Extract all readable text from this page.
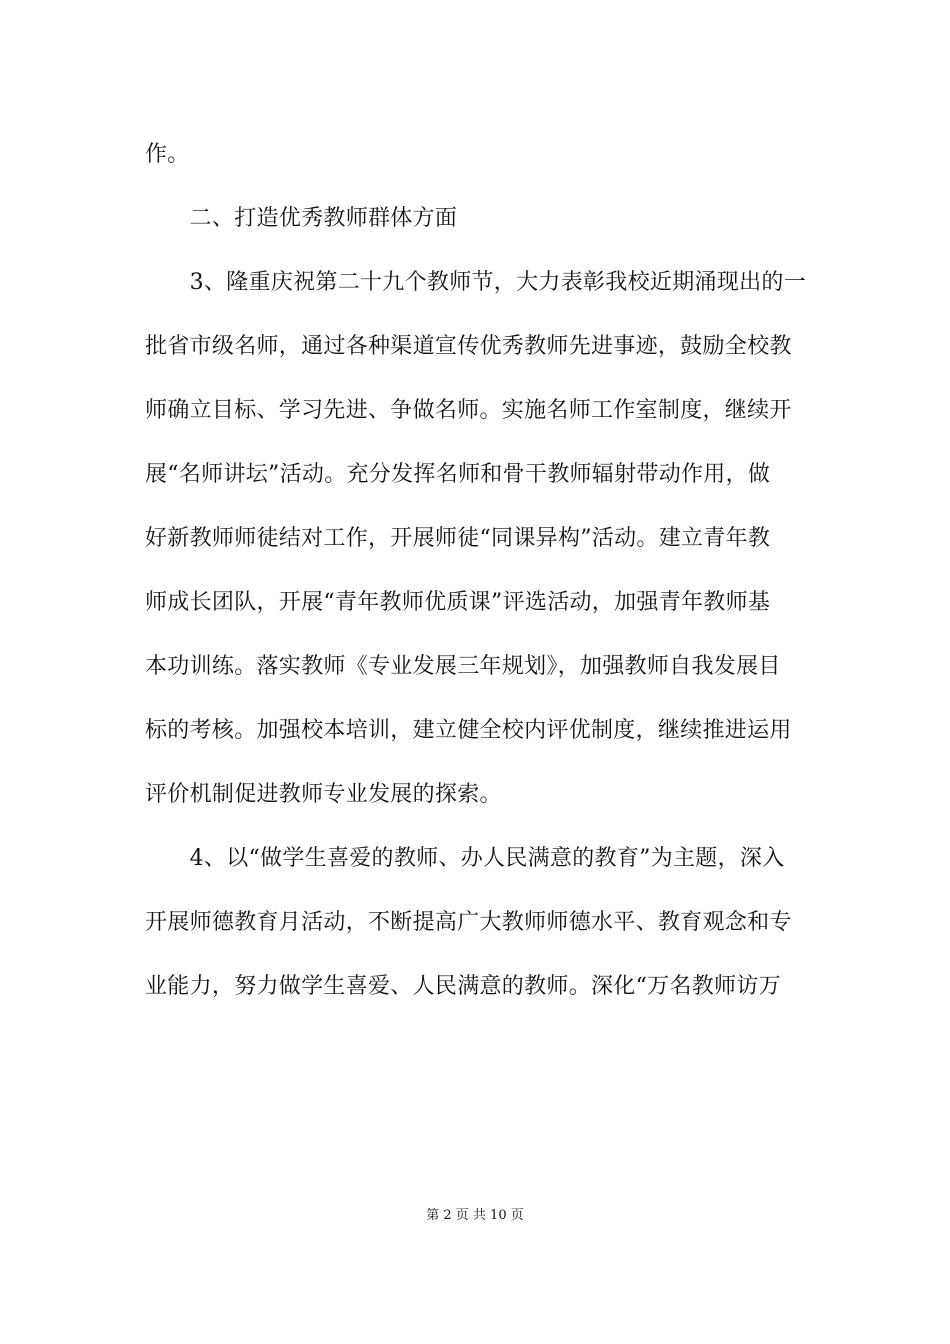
作。
　　二、打造优秀教师群体方面
　　3、隆重庆祝第二十九个教师节，大力表彰我校近期涌现出的一
批省市级名师，通过各种渠道宣传优秀教师先进事迹，鼓励全校教
师确立目标、学习先进、争做名师。实施名师工作室制度，继续开
展“名师讲坛”活动。充分发挥名师和骨干教师辐射带动作用，做
好新教师师徒结对工作，开展师徒“同课异构”活动。建立青年教
师成长团队，开展“青年教师优质课”评选活动，加强青年教师基
本功训练。落实教师《专业发展三年规划》，加强教师自我发展目
标的考核。加强校本培训，建立健全校内评优制度，继续推进运用
评价机制促进教师专业发展的探索。
　　4、以“做学生喜爱的教师、办人民满意的教育”为主题，深入
开展师德教育月活动，不断提高广大教师师德水平、教育观念和专
业能力，努力做学生喜爱、人民满意的教师。深化“万名教师访万
第 2 页 共 10 页
